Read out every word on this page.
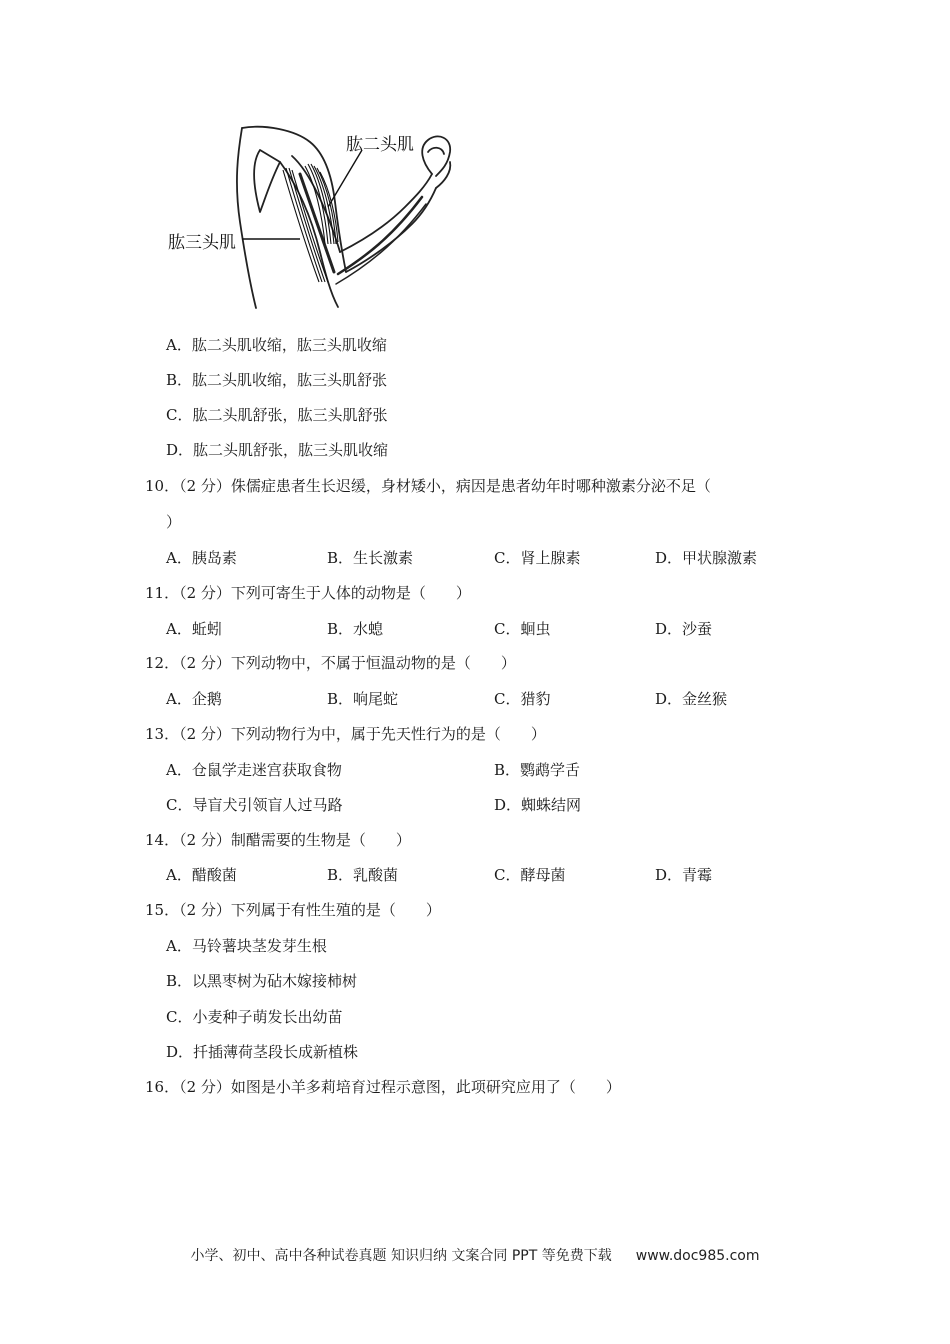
肱二头肌
肱三头肌
A．肱二头肌收缩，肱三头肌收缩
B．肱二头肌收缩，肱三头肌舒张
C．肱二头肌舒张，肱三头肌舒张
D．肱二头肌舒张，肱三头肌收缩
10．（2 分）侏儒症患者生长迟缓，身材矮小，病因是患者幼年时哪种激素分泌不足（
）
A．胰岛素	B．生长激素	C．肾上腺素	D．甲状腺激素
11．（2 分）下列可寄生于人体的动物是（　　）
A．蚯蚓	B．水螅	C．蛔虫	D．沙蚕
12．（2 分）下列动物中，不属于恒温动物的是（　　）
A．企鹅	B．响尾蛇	C．猎豹	D．金丝猴
13．（2 分）下列动物行为中，属于先天性行为的是（　　）
A．仓鼠学走迷宫获取食物	B．鹦鹉学舌
C．导盲犬引领盲人过马路	D．蜘蛛结网
14．（2 分）制醋需要的生物是（　　）
A．醋酸菌	B．乳酸菌	C．酵母菌	D．青霉
15．（2 分）下列属于有性生殖的是（　　）
A．马铃薯块茎发芽生根
B．以黑枣树为砧木嫁接柿树
C．小麦种子萌发长出幼苗
D．扦插薄荷茎段长成新植株
16．（2 分）如图是小羊多莉培育过程示意图，此项研究应用了（　　）
小学、初中、高中各种试卷真题 知识归纳 文案合同 PPT 等免费下载 www.doc985.com
